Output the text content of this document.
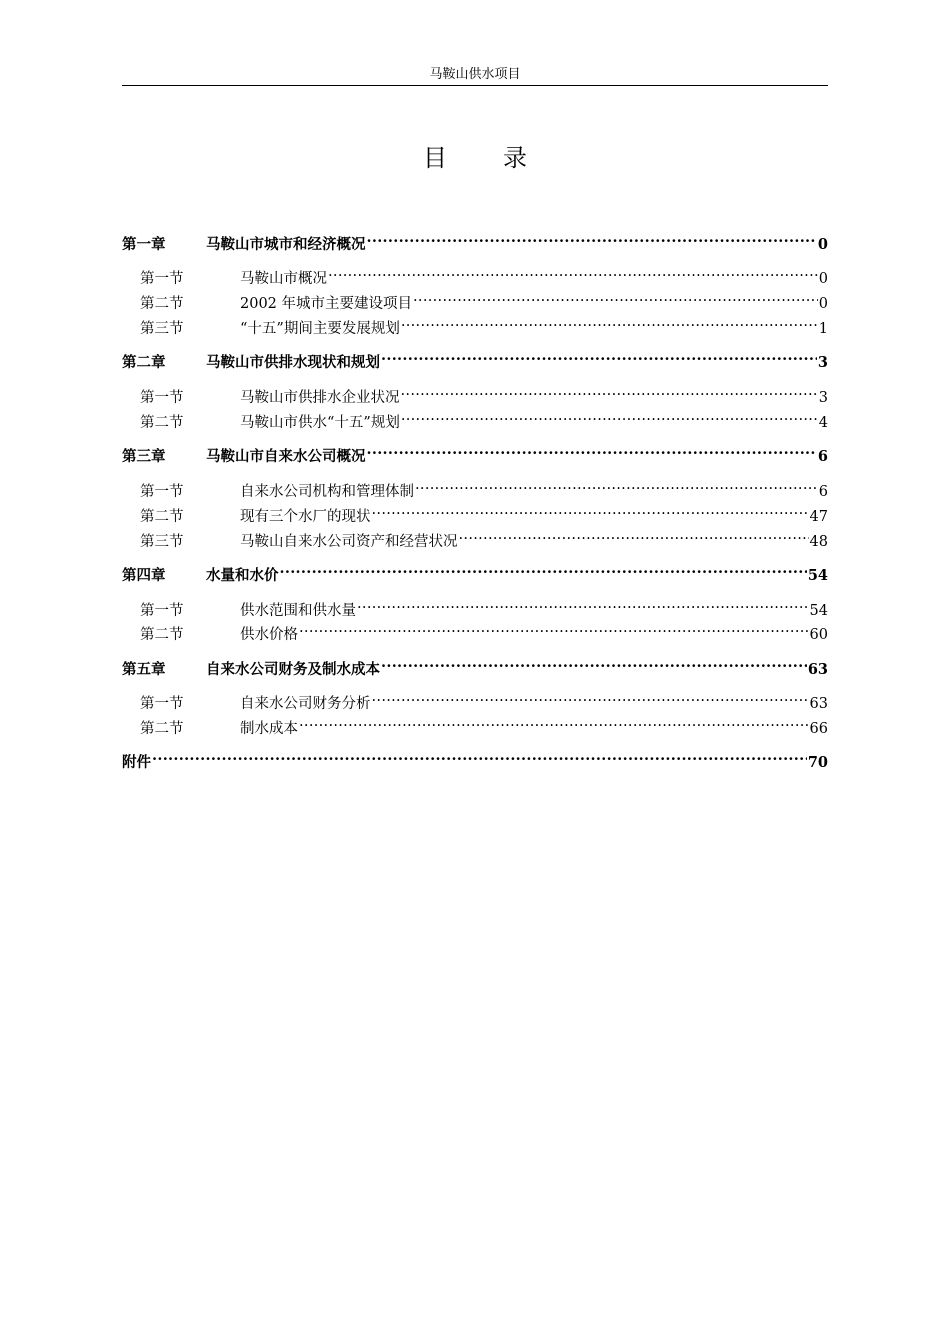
马鞍山供水项目
目 录
第一章	马鞍山市城市和经济概况 .....	0
第一节	马鞍山市概况 .....	0
第二节	2002 年城市主要建设项目 .....	0
第三节	“十五”期间主要发展规划 .....	1
第二章	马鞍山市供排水现状和规划 .....	3
第一节	马鞍山市供排水企业状况 .....	3
第二节	马鞍山市供水“十五”规划 .....	4
第三章	马鞍山市自来水公司概况 .....	6
第一节	自来水公司机构和管理体制 .....	6
第二节	现有三个水厂的现状 .....	47
第三节	马鞍山自来水公司资产和经营状况 .....	48
第四章	水量和水价 .....	54
第一节	供水范围和供水量 .....	54
第二节	供水价格 .....	60
第五章	自来水公司财务及制水成本 .....	63
第一节	自来水公司财务分析 .....	63
第二节	制水成本 .....	66
附件 .....	70
